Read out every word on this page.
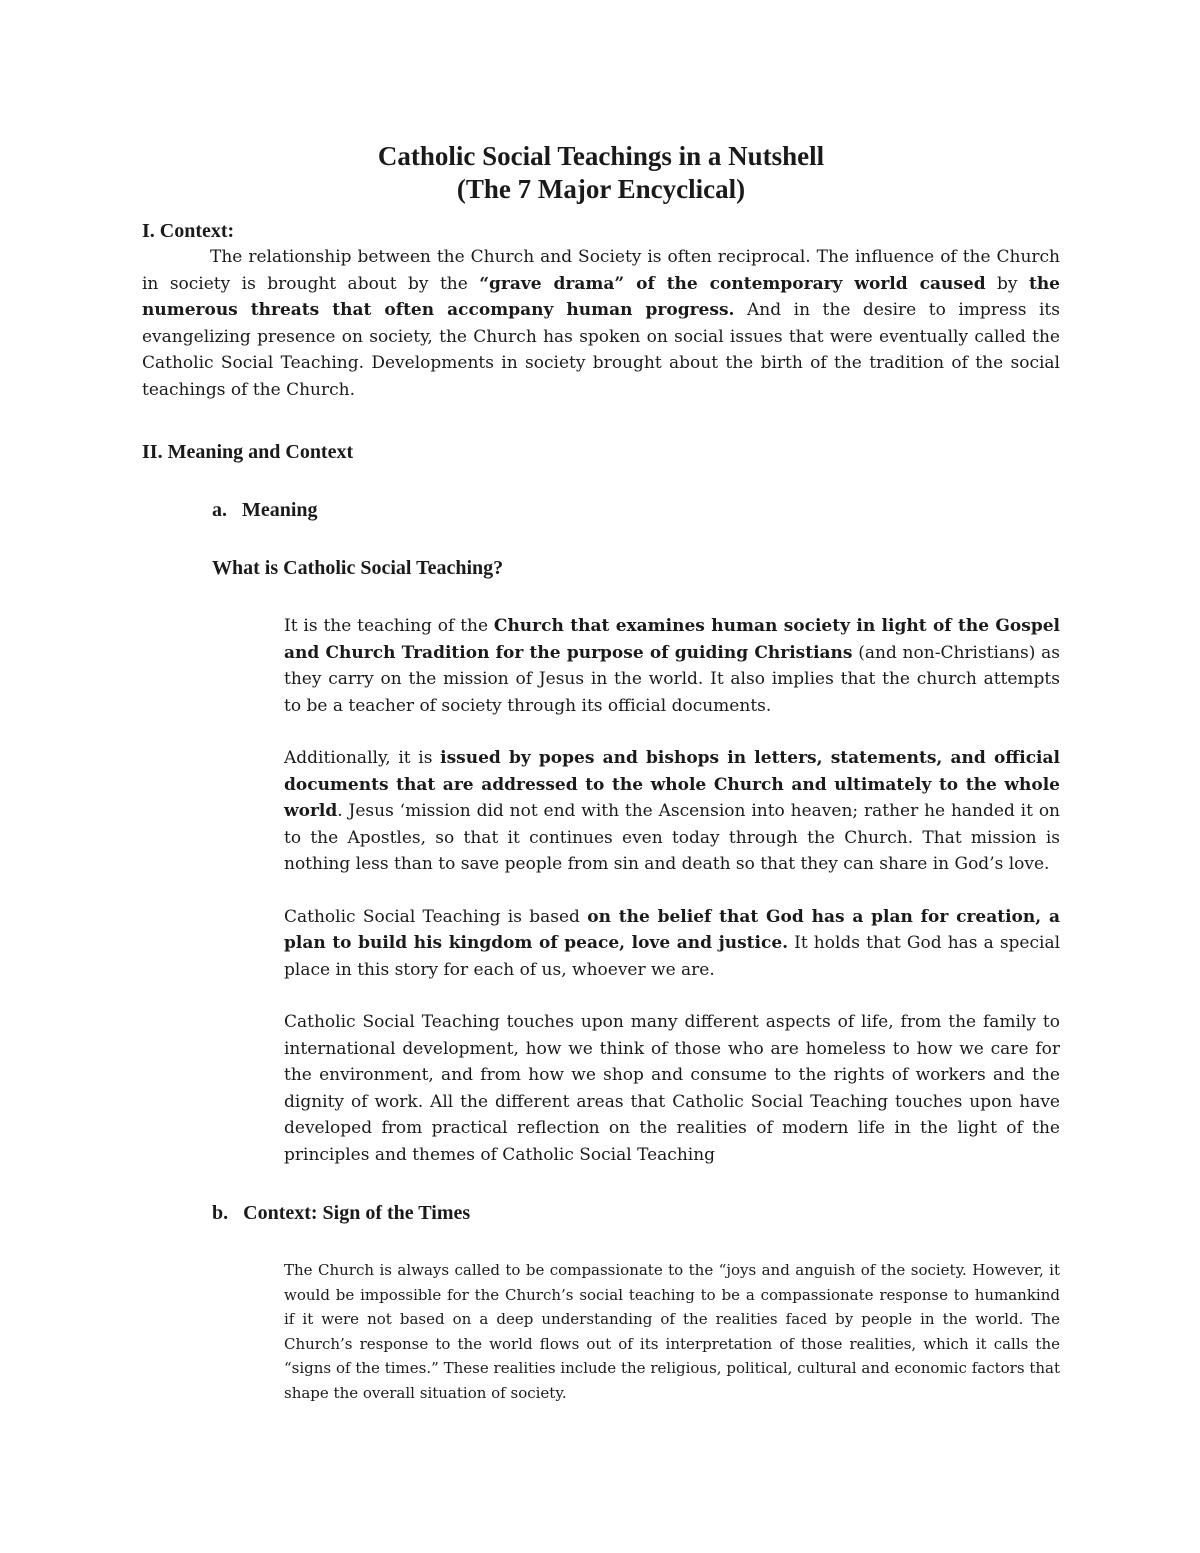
Catholic Social Teachings in a Nutshell
(The 7 Major Encyclical)
I. Context:

The relationship between the Church and Society is often reciprocal. The influence of the Church in society is brought about by the “grave drama” of the contemporary world caused by the numerous threats that often accompany human progress. And in the desire to impress its evangelizing presence on society, the Church has spoken on social issues that were eventually called the Catholic Social Teaching. Developments in society brought about the birth of the tradition of the social teachings of the Church.

II. Meaning and Context
a.   Meaning
What is Catholic Social Teaching?

It is the teaching of the Church that examines human society in light of the Gospel and Church Tradition for the purpose of guiding Christians (and non-Christians) as they carry on the mission of Jesus in the world. It also implies that the church attempts to be a teacher of society through its official documents.

Additionally, it is issued by popes and bishops in letters, statements, and official documents that are addressed to the whole Church and ultimately to the whole world. Jesus ‘mission did not end with the Ascension into heaven; rather he handed it on to the Apostles, so that it continues even today through the Church. That mission is nothing less than to save people from sin and death so that they can share in God’s love.

Catholic Social Teaching is based on the belief that God has a plan for creation, a plan to build his kingdom of peace, love and justice. It holds that God has a special place in this story for each of us, whoever we are.

Catholic Social Teaching touches upon many different aspects of life, from the family to international development, how we think of those who are homeless to how we care for the environment, and from how we shop and consume to the rights of workers and the dignity of work. All the different areas that Catholic Social Teaching touches upon have developed from practical reflection on the realities of modern life in the light of the principles and themes of Catholic Social Teaching

b.   Context: Sign of the Times

The Church is always called to be compassionate to the “joys and anguish of the society. However, it would be impossible for the Church’s social teaching to be a compassionate response to humankind if it were not based on a deep understanding of the realities faced by people in the world. The Church’s response to the world flows out of its interpretation of those realities, which it calls the “signs of the times.” These realities include the religious, political, cultural and economic factors that shape the overall situation of society.
